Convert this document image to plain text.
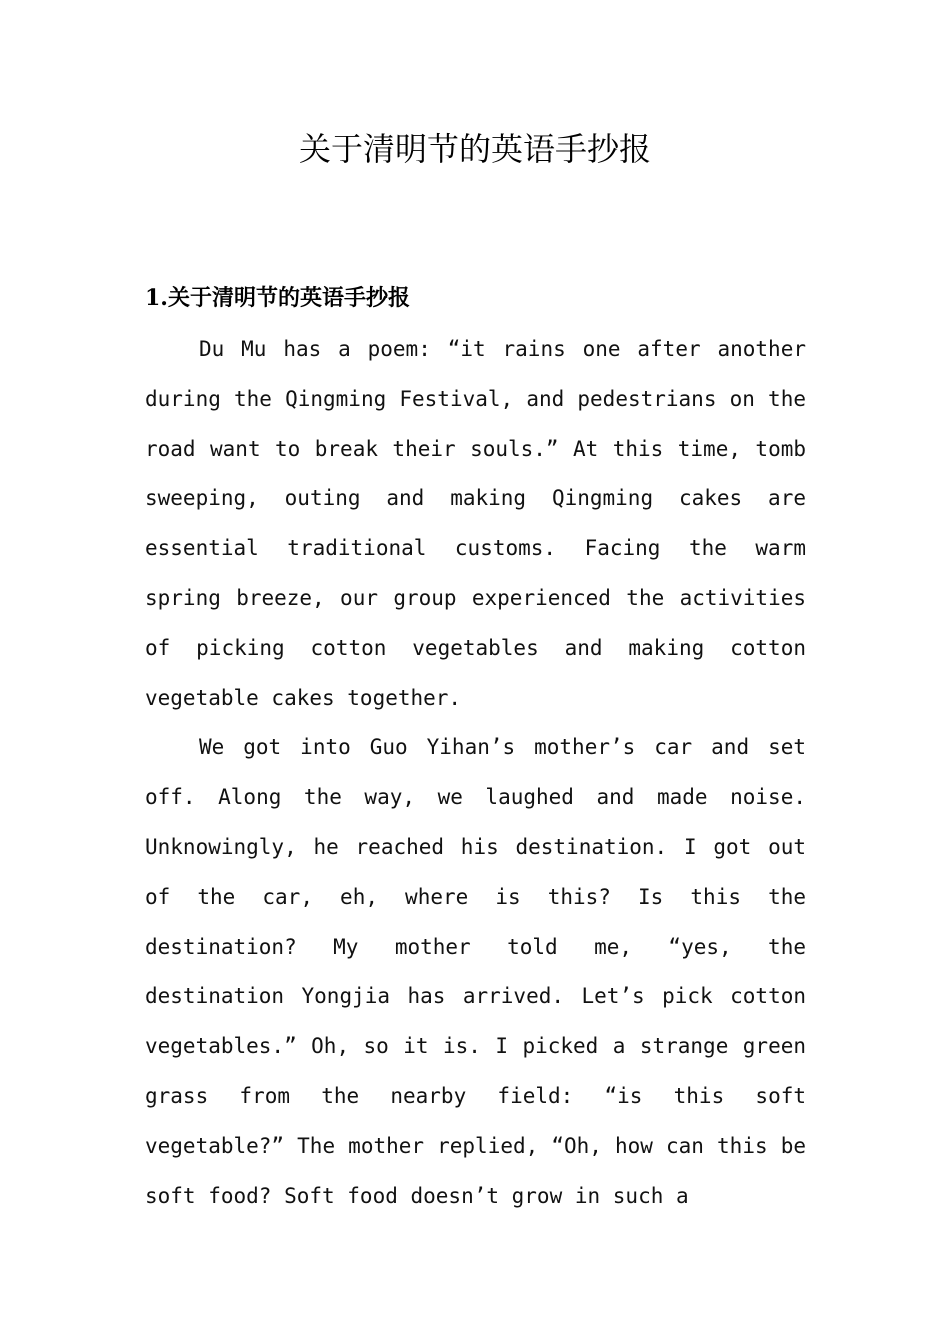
关于清明节的英语手抄报
1.关于清明节的英语手抄报

Du Mu has a poem: “it rains one after another during the Qingming Festival, and pedestrians on the road want to break their souls.” At this time, tomb sweeping, outing and making Qingming cakes are essential traditional customs. Facing the warm spring breeze, our group experienced the activities of picking cotton vegetables and making cotton vegetable cakes together.

We got into Guo Yihan’s mother’s car and set off. Along the way, we laughed and made noise. Unknowingly, he reached his destination. I got out of the car, eh, where is this? Is this the destination? My mother told me, “yes, the destination Yongjia has arrived. Let’s pick cotton vegetables.” Oh, so it is. I picked a strange green grass from the nearby field: “is this soft vegetable?” The mother replied, “Oh, how can this be soft food? Soft food doesn’t grow in such a
